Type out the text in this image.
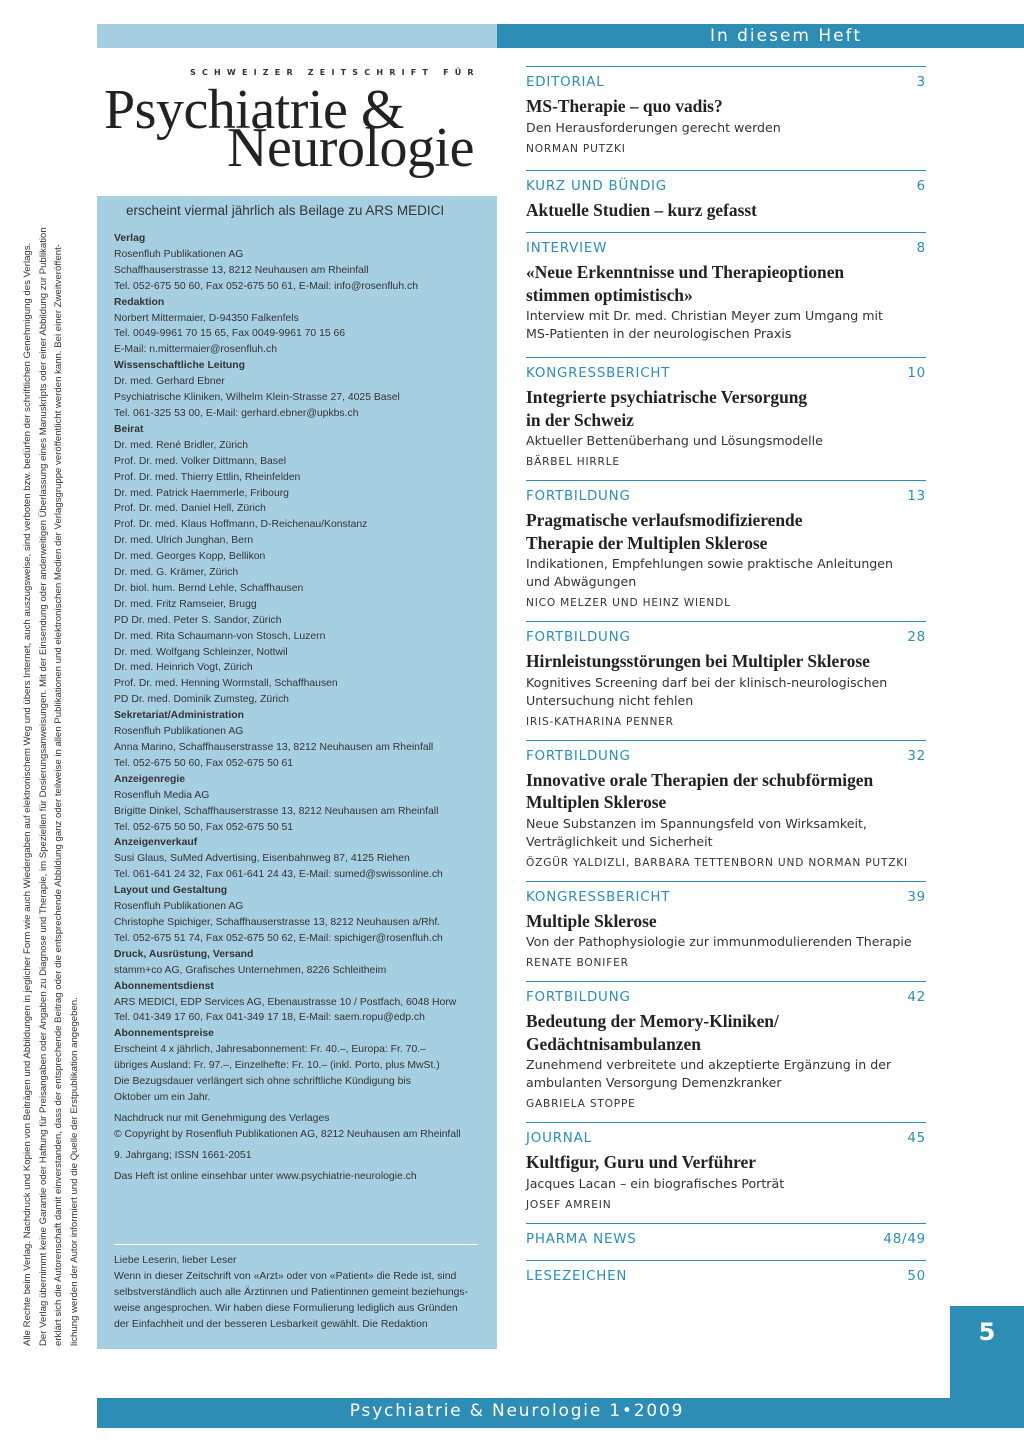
In diesem Heft

Alle Rechte beim Verlag. Nachdruck und Kopien von Beiträgen und Abbildungen in jeglicher Form wie auch Wiedergaben auf elektronischem Weg und übers Internet, auch auszugsweise, sind verboten bzw. bedürfen der schriftlichen Genehmigung des Verlags. Der Verlag übernimmt keine Garantie oder Haftung für Preisangaben oder Angaben zu Diagnose und Therapie, im Speziellen für Dosierungsanweisungen. Mit der Einsendung oder anderweitigen Überlassung eines Manuskripts oder einer Abbildung zur Publikation erklärt sich die Autorenschaft damit einverstanden, dass der entsprechende Beitrag oder die entsprechende Abbildung ganz oder teilweise in allen Publikationen und elektronischen Medien der Verlagsgruppe veröffentlicht werden kann. Bei einer Zweitveröffent- lichung werden der Autor informiert und die Quelle der Erstpublikation angegeben.

SCHWEIZER ZEITSCHRIFT FÜR
Psychiatrie &
Neurologie
erscheint viermal jährlich als Beilage zu ARS MEDICI
Verlag
Rosenfluh Publikationen AG
Schaffhauserstrasse 13, 8212 Neuhausen am Rheinfall
Tel. 052-675 50 60, Fax 052-675 50 61, E-Mail: info@rosenfluh.ch
Redaktion
Norbert Mittermaier, D-94350 Falkenfels
Tel. 0049-9961 70 15 65, Fax 0049-9961 70 15 66
E-Mail: n.mittermaier@rosenfluh.ch
Wissenschaftliche Leitung
Dr. med. Gerhard Ebner
Psychiatrische Kliniken, Wilhelm Klein-Strasse 27, 4025 Basel
Tel. 061-325 53 00, E-Mail: gerhard.ebner@upkbs.ch
Beirat
Dr. med. René Bridler, Zürich
Prof. Dr. med. Volker Dittmann, Basel
Prof. Dr. med. Thierry Ettlin, Rheinfelden
Dr. med. Patrick Haemmerle, Fribourg
Prof. Dr. med. Daniel Hell, Zürich
Prof. Dr. med. Klaus Hoffmann, D-Reichenau/Konstanz
Dr. med. Ulrich Junghan, Bern
Dr. med. Georges Kopp, Bellikon
Dr. med. G. Krämer, Zürich
Dr. biol. hum. Bernd Lehle, Schaffhausen
Dr. med. Fritz Ramseier, Brugg
PD Dr. med. Peter S. Sandor, Zürich
Dr. med. Rita Schaumann-von Stosch, Luzern
Dr. med. Wolfgang Schleinzer, Nottwil
Dr. med. Heinrich Vogt, Zürich
Prof. Dr. med. Henning Wormstall, Schaffhausen
PD Dr. med. Dominik Zumsteg, Zürich
Sekretariat/Administration
Rosenfluh Publikationen AG
Anna Marino, Schaffhauserstrasse 13, 8212 Neuhausen am Rheinfall
Tel. 052-675 50 60, Fax 052-675 50 61
Anzeigenregie
Rosenfluh Media AG
Brigitte Dinkel, Schaffhauserstrasse 13, 8212 Neuhausen am Rheinfall
Tel. 052-675 50 50, Fax 052-675 50 51
Anzeigenverkauf
Susi Glaus, SuMed Advertising, Eisenbahnweg 87, 4125 Riehen
Tel. 061-641 24 32, Fax 061-641 24 43, E-Mail: sumed@swissonline.ch
Layout und Gestaltung
Rosenfluh Publikationen AG
Christophe Spichiger, Schaffhauserstrasse 13, 8212 Neuhausen a/Rhf.
Tel. 052-675 51 74, Fax 052-675 50 62, E-Mail: spichiger@rosenfluh.ch
Druck, Ausrüstung, Versand
stamm+co AG, Grafisches Unternehmen, 8226 Schleitheim
Abonnementsdienst
ARS MEDICI, EDP Services AG, Ebenaustrasse 10 / Postfach, 6048 Horw
Tel. 041-349 17 60, Fax 041-349 17 18, E-Mail: saem.ropu@edp.ch
Abonnementspreise
Erscheint 4 x jährlich, Jahresabonnement: Fr. 40.–, Europa: Fr. 70.–
übriges Ausland: Fr. 97.–, Einzelhefte: Fr. 10.– (inkl. Porto, plus MwSt.)
Die Bezugsdauer verlängert sich ohne schriftliche Kündigung bis
Oktober um ein Jahr.
Nachdruck nur mit Genehmigung des Verlages
© Copyright by Rosenfluh Publikationen AG, 8212 Neuhausen am Rheinfall
9. Jahrgang; ISSN 1661-2051
Das Heft ist online einsehbar unter www.psychiatrie-neurologie.ch
Liebe Leserin, lieber Leser
Wenn in dieser Zeitschrift von «Arzt» oder von «Patient» die Rede ist, sind
selbstverständlich auch alle Ärztinnen und Patientinnen gemeint beziehungs-
weise angesprochen. Wir haben diese Formulierung lediglich aus Gründen
der Einfachheit und der besseren Lesbarkeit gewählt. Die Redaktion
EDITORIAL	3
MS-Therapie – quo vadis?
Den Herausforderungen gerecht werden
NORMAN PUTZKI
KURZ UND BÜNDIG	6
Aktuelle Studien – kurz gefasst
INTERVIEW	8
«Neue Erkenntnisse und Therapieoptionen
stimmen optimistisch»
Interview mit Dr. med. Christian Meyer zum Umgang mit
MS-Patienten in der neurologischen Praxis
KONGRESSBERICHT	10
Integrierte psychiatrische Versorgung
in der Schweiz
Aktueller Bettenüberhang und Lösungsmodelle
BÄRBEL HIRRLE
FORTBILDUNG	13
Pragmatische verlaufsmodifizierende
Therapie der Multiplen Sklerose
Indikationen, Empfehlungen sowie praktische Anleitungen
und Abwägungen
NICO MELZER UND HEINZ WIENDL
FORTBILDUNG	28
Hirnleistungsstörungen bei Multipler Sklerose
Kognitives Screening darf bei der klinisch-neurologischen
Untersuchung nicht fehlen
IRIS-KATHARINA PENNER
FORTBILDUNG	32
Innovative orale Therapien der schubförmigen
Multiplen Sklerose
Neue Substanzen im Spannungsfeld von Wirksamkeit,
Verträglichkeit und Sicherheit
ÖZGÜR YALDIZLI, BARBARA TETTENBORN UND NORMAN PUTZKI
KONGRESSBERICHT	39
Multiple Sklerose
Von der Pathophysiologie zur immunmodulierenden Therapie
RENATE BONIFER
FORTBILDUNG	42
Bedeutung der Memory-Kliniken/
Gedächtnisambulanzen
Zunehmend verbreitete und akzeptierte Ergänzung in der
ambulanten Versorgung Demenzkranker
GABRIELA STOPPE
JOURNAL	45
Kultfigur, Guru und Verführer
Jacques Lacan – ein biografisches Porträt
JOSEF AMREIN
PHARMA NEWS	48/49
LESEZEICHEN	50
5
Psychiatrie & Neurologie 1•2009
